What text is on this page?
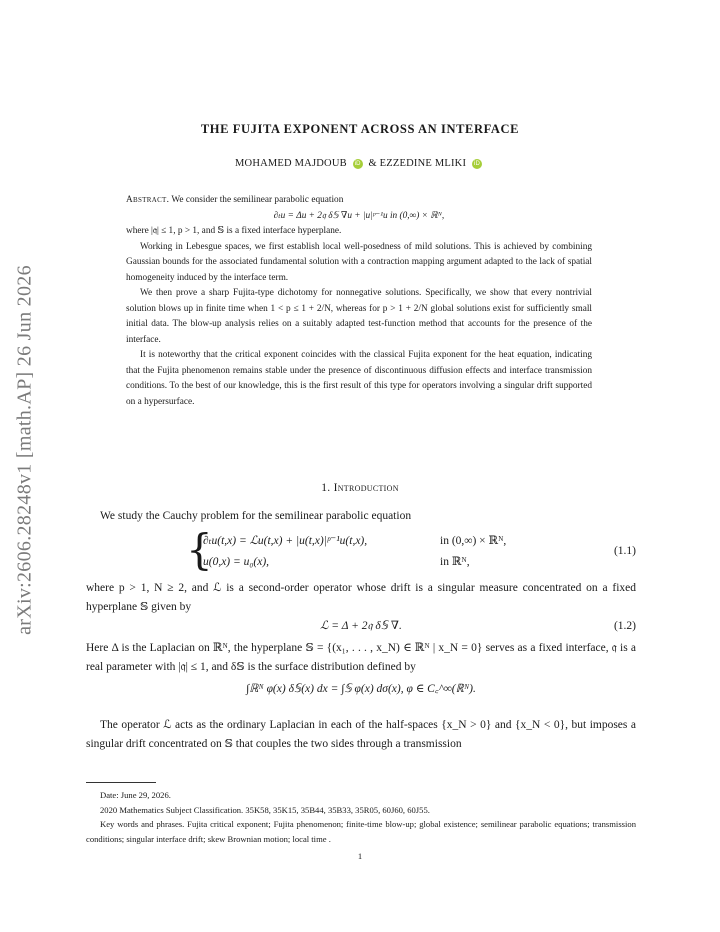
arXiv:2606.28248v1 [math.AP] 26 Jun 2026
THE FUJITA EXPONENT ACROSS AN INTERFACE
MOHAMED MAJDOUB iD & EZZEDINE MLIKI iD

Abstract. We consider the semilinear parabolic equation

∂ₜu = Δu + 2𝔮 δ𝕊 ∇u + |u|ᵖ⁻¹u in (0,∞) × ℝᴺ,

where |𝔮| ≤ 1, p > 1, and 𝕊 is a fixed interface hyperplane.

Working in Lebesgue spaces, we first establish local well-posedness of mild solutions. This is achieved by combining Gaussian bounds for the associated fundamental solution with a contraction mapping argument adapted to the lack of spatial homogeneity induced by the interface term.

We then prove a sharp Fujita-type dichotomy for nonnegative solutions. Specifically, we show that every nontrivial solution blows up in finite time when 1 < p ≤ 1 + 2/N, whereas for p > 1 + 2/N global solutions exist for sufficiently small initial data. The blow-up analysis relies on a suitably adapted test-function method that accounts for the presence of the interface.

It is noteworthy that the critical exponent coincides with the classical Fujita exponent for the heat equation, indicating that the Fujita phenomenon remains stable under the presence of discontinuous diffusion effects and interface transmission conditions. To the best of our knowledge, this is the first result of this type for operators involving a singular drift supported on a hypersurface.

1. Introduction

We study the Cauchy problem for the semilinear parabolic equation

{
∂ₜu(t,x) = ℒu(t,x) + |u(t,x)|ᵖ⁻¹u(t,x),	in (0,∞) × ℝᴺ,
u(0,x) = u₀(x),	in ℝᴺ,
(1.1)

where p > 1, N ≥ 2, and ℒ is a second-order operator whose drift is a singular measure concentrated on a fixed hyperplane 𝕊 given by

ℒ = Δ + 2𝔮 δ𝕊 ∇.	(1.2)

Here Δ is the Laplacian on ℝᴺ, the hyperplane 𝕊 = {(x₁, . . . , x_N) ∈ ℝᴺ | x_N = 0} serves as a fixed interface, 𝔮 is a real parameter with |𝔮| ≤ 1, and δ𝕊 is the surface distribution defined by

∫ℝᴺ φ(x) δ𝕊(x) dx = ∫𝕊 φ(x) dσ(x), φ ∈ C꜀^∞(ℝᴺ).

The operator ℒ acts as the ordinary Laplacian in each of the half-spaces {x_N > 0} and {x_N < 0}, but imposes a singular drift concentrated on 𝕊 that couples the two sides through a transmission

Date: June 29, 2026.

2020 Mathematics Subject Classification. 35K58, 35K15, 35B44, 35B33, 35R05, 60J60, 60J55.

Key words and phrases. Fujita critical exponent; Fujita phenomenon; finite-time blow-up; global existence; semilinear parabolic equations; transmission conditions; singular interface drift; skew Brownian motion; local time .

1
